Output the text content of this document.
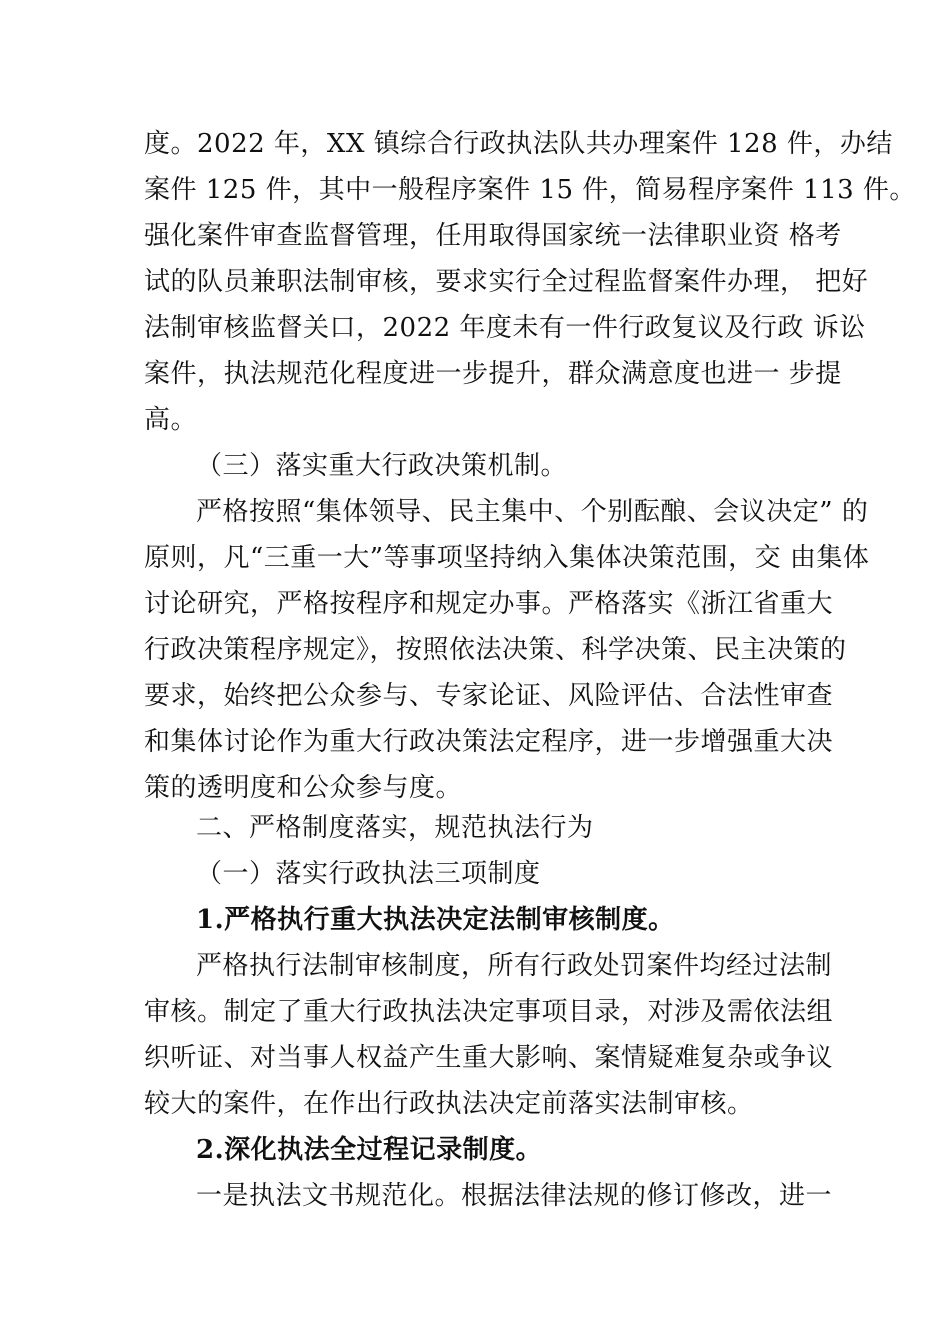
度。2022 年，XX 镇综合行政执法队共办理案件 128 件，办结
案件 125 件，其中一般程序案件 15 件，简易程序案件 113 件。
强化案件审查监督管理，任用取得国家统一法律职业资 格考
试的队员兼职法制审核，要求实行全过程监督案件办理， 把好
法制审核监督关口，2022 年度未有一件行政复议及行政 诉讼
案件，执法规范化程度进一步提升，群众满意度也进一 步提
高。
（三）落实重大行政决策机制。
严格按照“集体领导、民主集中、个别酝酿、会议决定” 的
原则，凡“三重一大”等事项坚持纳入集体决策范围，交 由集体
讨论研究，严格按程序和规定办事。严格落实《浙江省重大
行政决策程序规定》，按照依法决策、科学决策、民主决策的
要求，始终把公众参与、专家论证、风险评估、合法性审查
和集体讨论作为重大行政决策法定程序，进一步增强重大决
策的透明度和公众参与度。
二、严格制度落实，规范执法行为
（一）落实行政执法三项制度
1.严格执行重大执法决定法制审核制度。
严格执行法制审核制度，所有行政处罚案件均经过法制
审核。制定了重大行政执法决定事项目录，对涉及需依法组
织听证、对当事人权益产生重大影响、案情疑难复杂或争议
较大的案件，在作出行政执法决定前落实法制审核。
2.深化执法全过程记录制度。
一是执法文书规范化。根据法律法规的修订修改，进一
